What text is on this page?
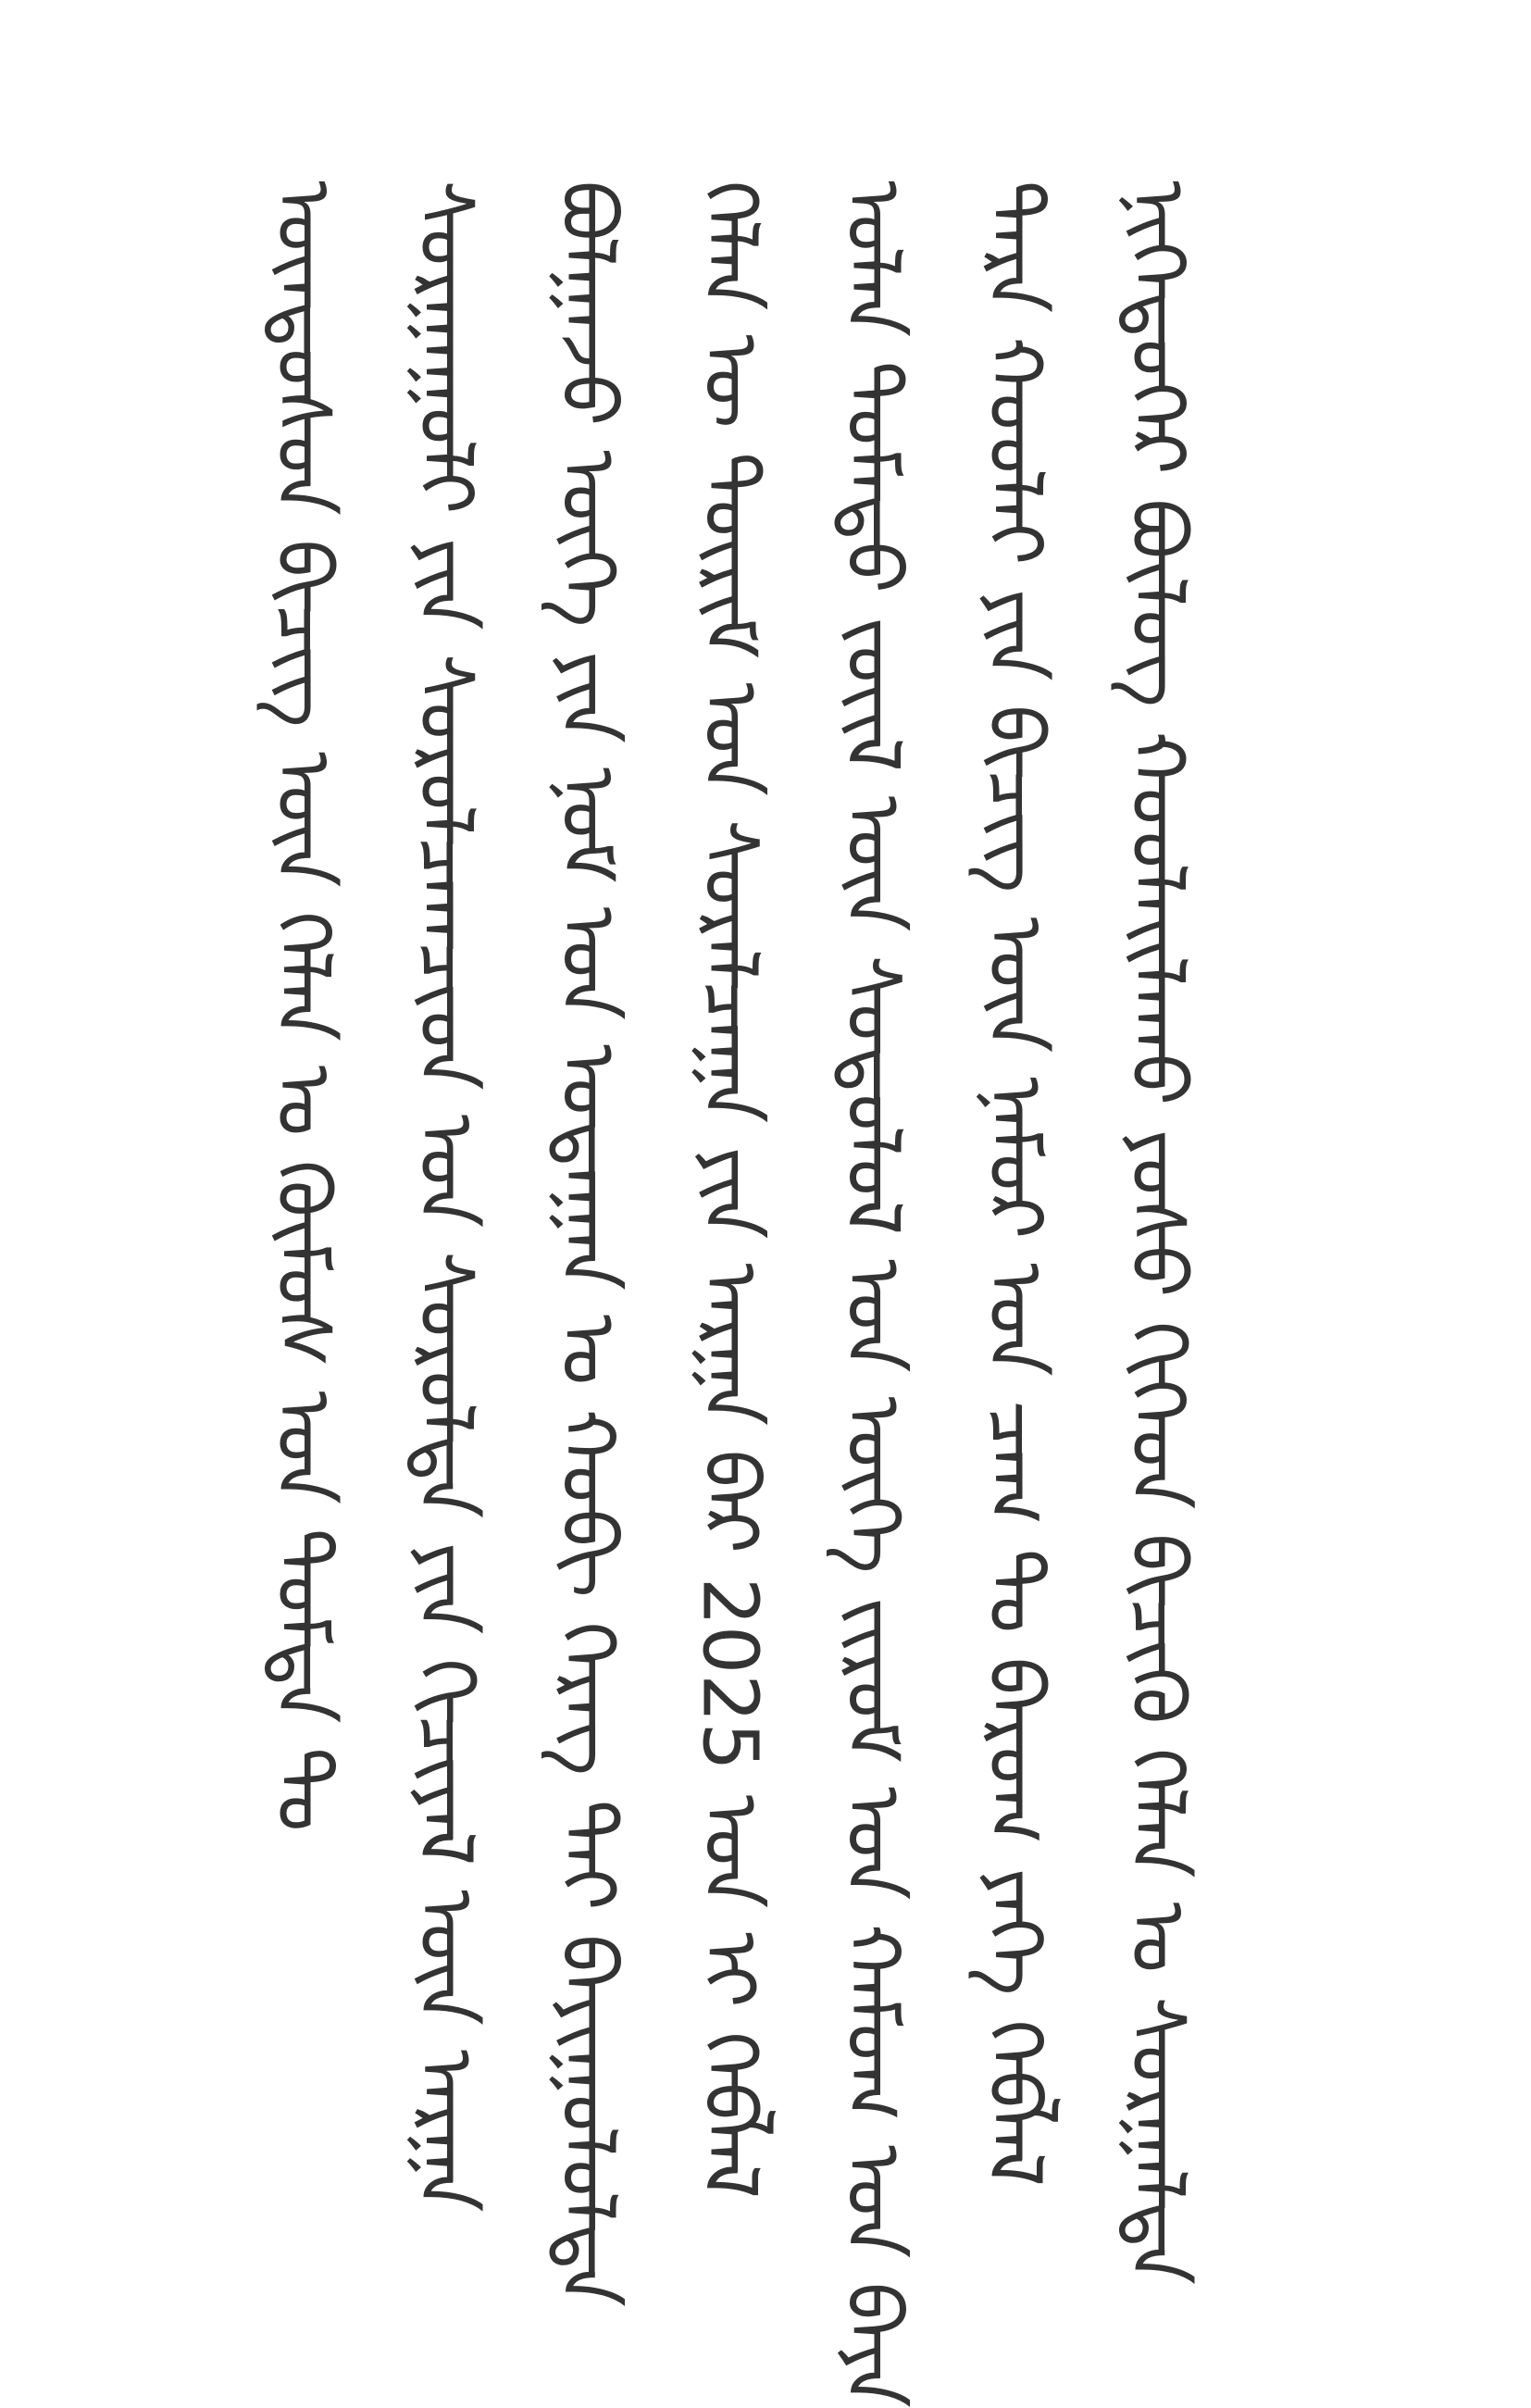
ᠦᠨᠳᠦᠰᠦᠨ ᠪᠢᠴᠢᠭ ᠦᠨ ᠬᠡᠯᠡᠨ ᠤ ᠬᠦᠮᠦᠰ ᠤᠨ ᠳᠤᠮᠳᠠ ᠲᠤ ᠰᠤᠷᠭᠠᠭᠤᠯᠢ ᠶᠢᠨ ᠰᠤᠷᠤᠯᠴᠠᠭᠴᠢᠳ ᠤᠨ ᠰᠤᠷᠤᠯᠲᠠ ᠶᠢᠨ ᠬᠢᠴᠢᠶᠡᠯ ᠦᠨ ᠠᠷᠭᠠ ᠪᠣᠯᠭᠠᠵᠤ ᠦᠭᠡ ᠶᠢᠨ ᠨᠣᠮ ᠤᠨ ᠤᠳᠠᠭᠠᠨ ᠤ ᠬᠤᠪᠢ ᠬᠡᠷᠡᠭ ᠲᠡᠶ ᠪᠠᠶᠢᠭᠤᠯᠤᠯᠲᠠ ᠬᠡᠯᠡᠨ ᠦ ᠳᠦᠷᠢᠮ ᠤᠨ ᠰᠤᠷᠠᠯᠴᠠᠭᠠ ᠶᠢᠨ ᠠᠷᠭᠠ ᠪᠠᠷ 2025 ᠣᠨ ᠢ ᠬᠡᠪᠯᠡᠯ ᠤᠯᠠᠨ ᠲᠤᠮᠠᠲᠤ ᠵᠦᠢᠯ ᠦᠨ ᠰᠤᠳᠤᠯᠤᠯ ᠤᠨ ᠦᠭᠡ ᠵᠢᠷᠤᠮ ᠤᠨ ᠬᠠᠮᠤᠭ ᠤᠨ ᠪᠡᠶᠡ ᠲᠡᠷᠡ ᠬᠤᠤᠯᠠᠢ ᠶᠢᠨ ᠪᠢᠴᠢᠭ ᠦᠨ ᠨᠠᠮᠤᠷ ᠤᠨ ᠴᠠᠭ ᠲᠤ ᠪᠠᠷᠤᠭ ᠶᠡᠬᠡ ᠬᠡᠪᠯᠡᠯ ᠨᠢᠭᠡᠳᠦᠭᠡᠷ ᠪᠦᠯᠦᠭ ᠬᠤᠤᠯᠠᠢᠯᠠᠬᠤ ᠶᠣᠰᠣ ᠬᠢᠭᠡᠳ ᠪᠢᠴᠢᠬᠦ ᠬᠡᠯᠡᠨ ᠤ ᠰᠤᠷᠭᠠᠯᠲᠠ
